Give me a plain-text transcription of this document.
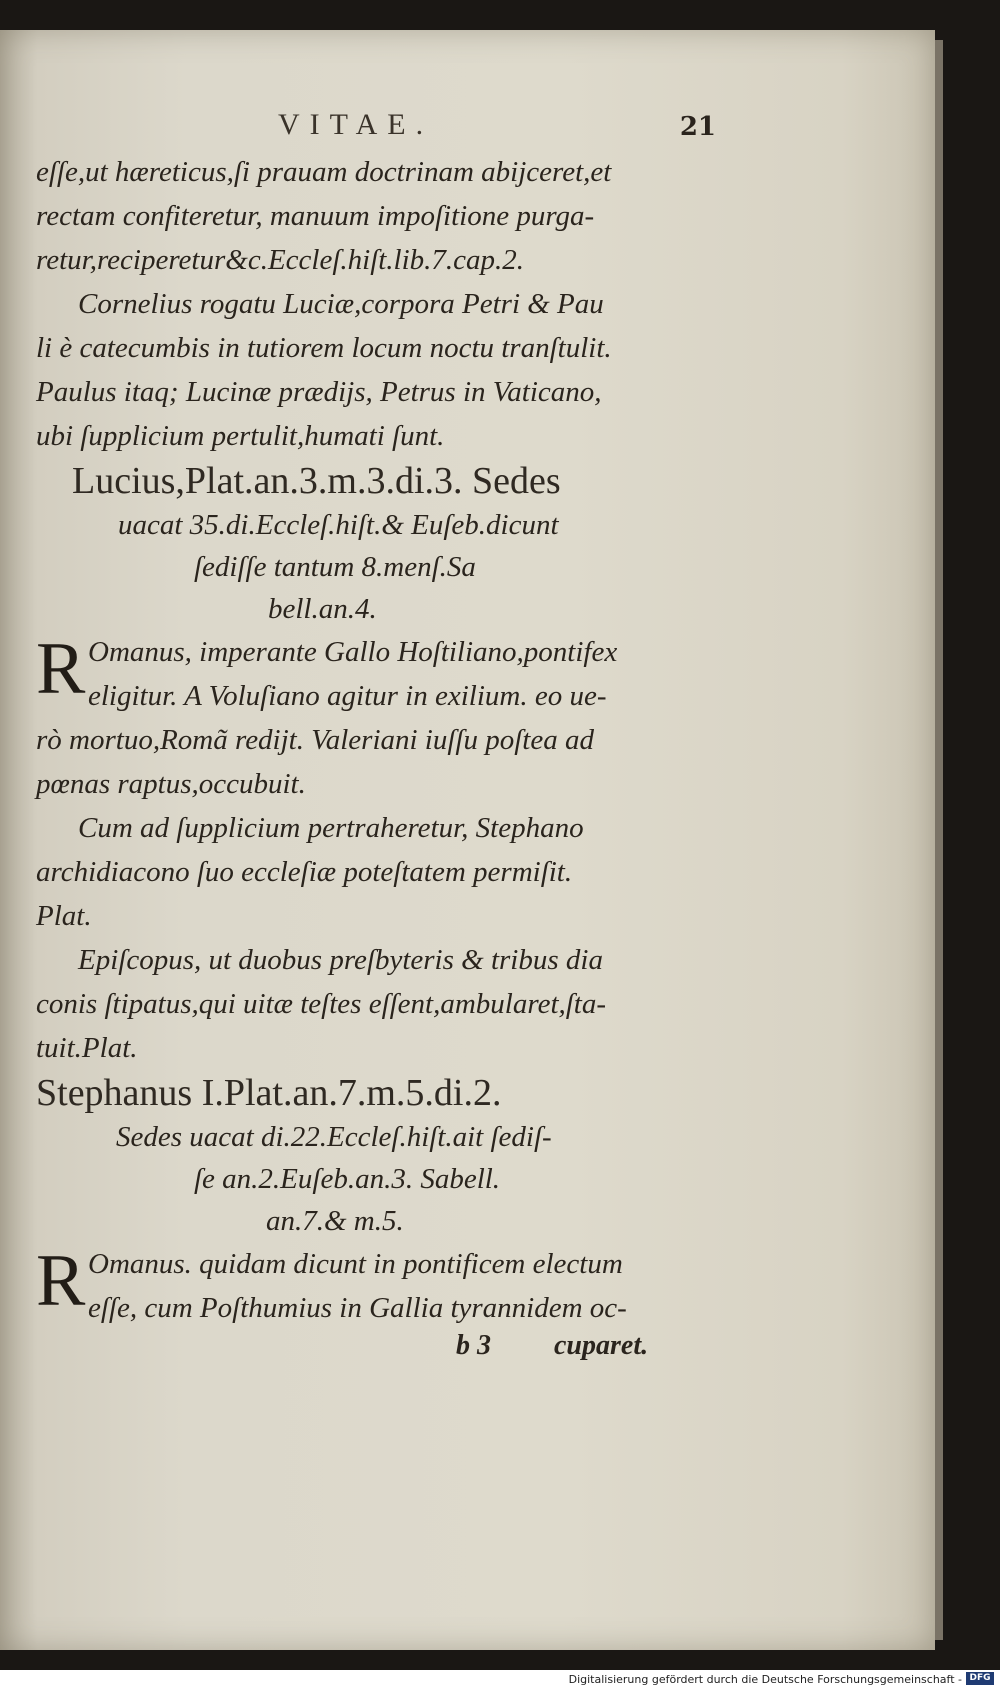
VITAE.	21
eſſe,ut hæreticus,ſi prauam doctrinam abijceret,et
rectam confiteretur, manuum impoſitione purga-
retur,reciperetur&c.Eccleſ.hiſt.lib.7.cap.2.
Cornelius rogatu Luciæ,corpora Petri & Pau
li è catecumbis in tutiorem locum noctu tranſtulit.
Paulus itaq; Lucinæ prædijs, Petrus in Vaticano,
ubi ſupplicium pertulit,humati ſunt.
Lucius,Plat.an.3.m.3.di.3. Sedes
uacat 35.di.Eccleſ.hiſt.& Euſeb.dicunt
ſediſſe tantum 8.menſ.Sa
bell.an.4.
R Omanus, imperante Gallo Hoſtiliano,pontifex
eligitur. A Voluſiano agitur in exilium. eo ue-
rò mortuo,Romã rediјt. Valeriani iuſſu poſtea ad
pœnas raptus,occubuit.
Cum ad ſupplicium pertraheretur, Stephano
archidiacono ſuo eccleſiæ poteſtatem permiſit.
Plat.
Epiſcopus, ut duobus preſbyteris & tribus dia
conis ſtipatus,qui uitæ teſtes eſſent,ambularet,ſta-
tuit.Plat.
Stephanus I.Plat.an.7.m.5.di.2.
Sedes uacat di.22.Eccleſ.hiſt.ait ſediſ-
ſe an.2.Euſeb.an.3. Sabell.
an.7.& m.5.
R Omanus. quidam dicunt in pontificem electum
eſſe, cum Poſthumius in Gallia tyrannidem oc-
b 3 cuparet.
Digitalisierung gefördert durch die Deutsche Forschungsgemeinschaft - DFG
